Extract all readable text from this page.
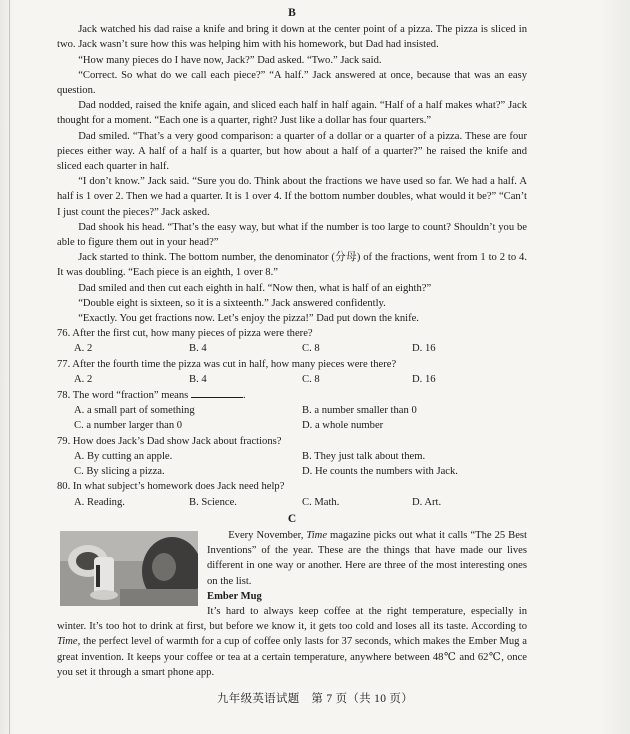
B

Jack watched his dad raise a knife and bring it down at the center point of a pizza. The pizza is sliced in two. Jack wasn’t sure how this was helping him with his homework, but Dad had insisted.

“How many pieces do I have now, Jack?” Dad asked. “Two.” Jack said.

“Correct. So what do we call each piece?” “A half.” Jack answered at once, because that was an easy question.

Dad nodded, raised the knife again, and sliced each half in half again. “Half of a half makes what?” Jack thought for a moment. “Each one is a quarter, right? Just like a dollar has four quarters.”

Dad smiled. “That’s a very good comparison: a quarter of a dollar or a quarter of a pizza. These are four pieces either way. A half of a half is a quarter, but how about a half of a quarter?” he raised the knife and sliced each quarter in half.

“I don’t know.” Jack said. “Sure you do. Think about the fractions we have used so far. We had a half. A half is 1 over 2. Then we had a quarter. It is 1 over 4. If the bottom number doubles, what would it be?” “Can’t I just count the pieces?” Jack asked.

Dad shook his head. “That’s the easy way, but what if the number is too large to count? Shouldn’t you be able to figure them out in your head?”

Jack started to think. The bottom number, the denominator (分母) of the fractions, went from 1 to 2 to 4. It was doubling. “Each piece is an eighth, 1 over 8.”

Dad smiled and then cut each eighth in half. “Now then, what is half of an eighth?”

“Double eight is sixteen, so it is a sixteenth.” Jack answered confidently.

“Exactly. You get fractions now. Let’s enjoy the pizza!” Dad put down the knife.

76. After the first cut, how many pieces of pizza were there?

A. 2	B. 4	C. 8	D. 16

77. After the fourth time the pizza was cut in half, how many pieces were there?

A. 2	B. 4	C. 8	D. 16

78. The word “fraction” means	.

A. a small part of something	B. a number smaller than 0
C. a number larger than 0	D. a whole number

79. How does Jack’s Dad show Jack about fractions?

A. By cutting an apple.	B. They just talk about them.
C. By slicing a pizza.	D. He counts the numbers with Jack.

80. In what subject’s homework does Jack need help?

A. Reading.	B. Science.	C. Math.	D. Art.
C

Every November, Time magazine picks out what it calls “The 25 Best Inventions” of the year. These are the things that have made our lives different in one way or another. Here are three of the most interesting ones on the list.

Ember Mug

It’s hard to always keep coffee at the right temperature, especially in winter. It’s too hot to drink at first, but before we know it, it gets too cold and loses all its taste. According to Time, the perfect level of warmth for a cup of coffee only lasts for 37 seconds, which makes the Ember Mug a great invention. It keeps your coffee or tea at a certain temperature, anywhere between 48℃ and 62℃, once you set it through a smart phone app.

九年级英语试题　第 7 页（共 10 页）
